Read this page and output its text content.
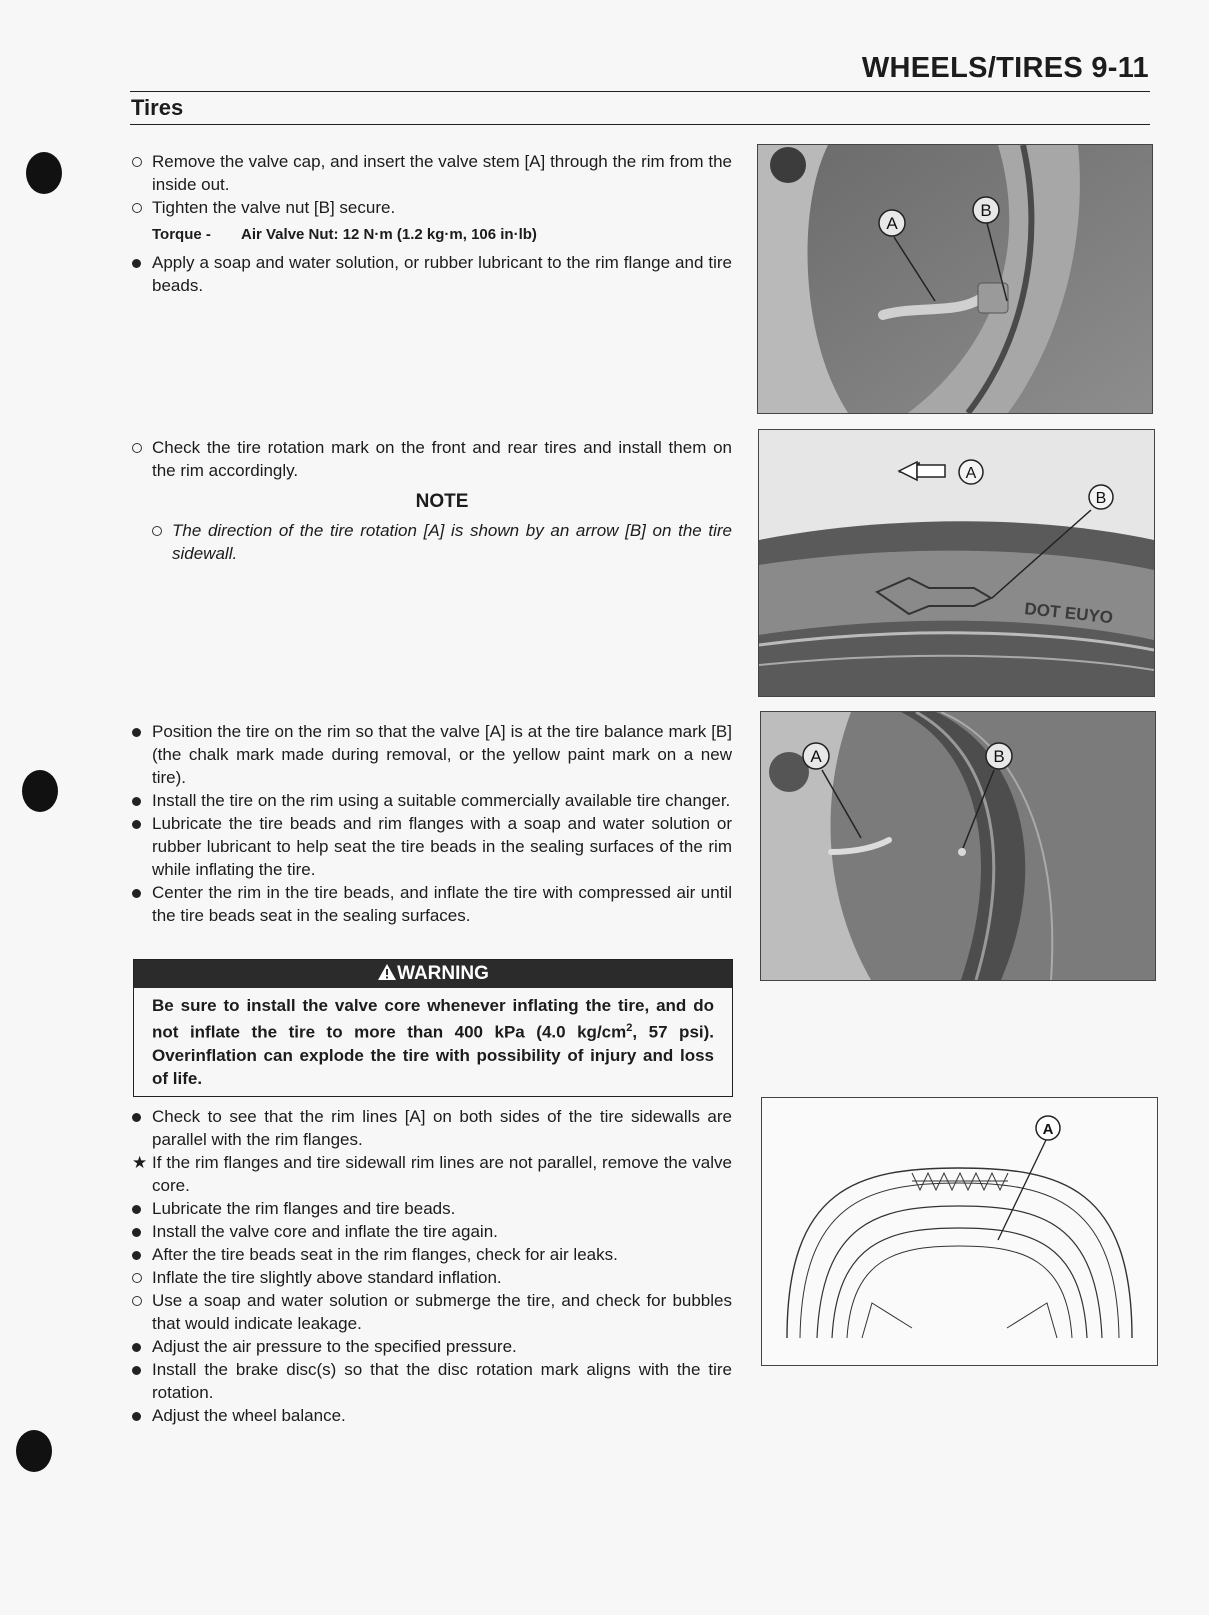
WHEELS/TIRES 9-11
Tires
Remove the valve cap, and insert the valve stem [A] through the rim from the inside out.
Tighten the valve nut [B] secure.
Torque - Air Valve Nut: 12 N·m (1.2 kg·m, 106 in·lb)
Apply a soap and water solution, or rubber lubricant to the rim flange and tire beads.
Check the tire rotation mark on the front and rear tires and install them on the rim accordingly.
NOTE
The direction of the tire rotation [A] is shown by an arrow [B] on the tire sidewall.
Position the tire on the rim so that the valve [A] is at the tire balance mark [B] (the chalk mark made during removal, or the yellow paint mark on a new tire).
Install the tire on the rim using a suitable commercially available tire changer.
Lubricate the tire beads and rim flanges with a soap and water solution or rubber lubricant to help seat the tire beads in the sealing surfaces of the rim while inflating the tire.
Center the rim in the tire beads, and inflate the tire with compressed air until the tire beads seat in the sealing surfaces.
WARNING
Be sure to install the valve core whenever inflating the tire, and do not inflate the tire to more than 400 kPa (4.0 $kg/cm^2$, 57 psi). Overinflation can explode the tire with possibility of injury and loss of life.
Check to see that the rim lines [A] on both sides of the tire sidewalls are parallel with the rim flanges.
★ If the rim flanges and tire sidewall rim lines are not parallel, remove the valve core.
Lubricate the rim flanges and tire beads.
Install the valve core and inflate the tire again.
After the tire beads seat in the rim flanges, check for air leaks.
Inflate the tire slightly above standard inflation.
Use a soap and water solution or submerge the tire, and check for bubbles that would indicate leakage.
Adjust the air pressure to the specified pressure.
Install the brake disc(s) so that the disc rotation mark aligns with the tire rotation.
Adjust the wheel balance.
A
B
DOT EUYO
A
B
A	B
A
